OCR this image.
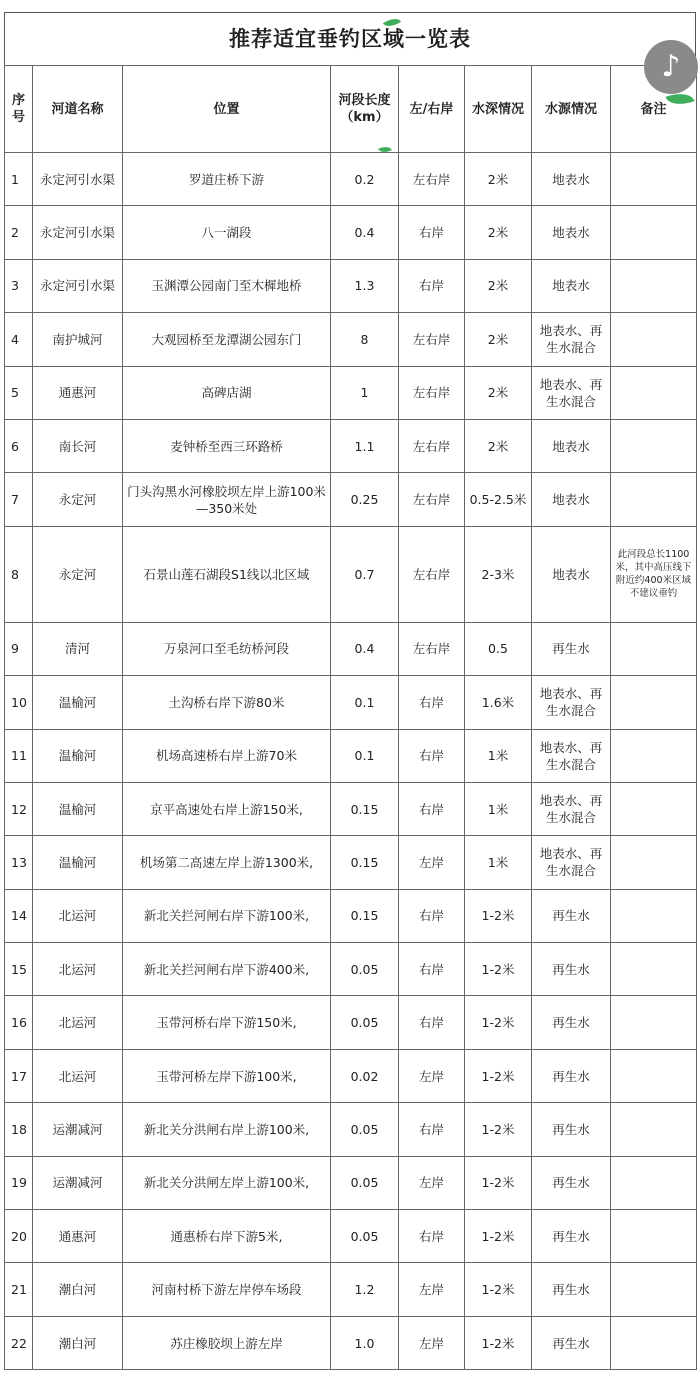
推荐适宜垂钓区域一览表
序号	河道名称	位置	河段长度（km）	左/右岸	水深情况	水源情况	备注
1	永定河引水渠	罗道庄桥下游	0.2	左右岸	2米	地表水	
2	永定河引水渠	八一湖段	0.4	右岸	2米	地表水	
3	永定河引水渠	玉渊潭公园南门至木樨地桥	1.3	右岸	2米	地表水	
4	南护城河	大观园桥至龙潭湖公园东门	8	左右岸	2米	地表水、再生水混合	
5	通惠河	高碑店湖	1	左右岸	2米	地表水、再生水混合	
6	南长河	麦钟桥至西三环路桥	1.1	左右岸	2米	地表水	
7	永定河	门头沟黑水河橡胶坝左岸上游100米—350米处	0.25	左右岸	0.5-2.5米	地表水	
8	永定河	石景山莲石湖段S1线以北区域	0.7	左右岸	2-3米	地表水	此河段总长1100米，其中高压线下附近约400米区域不建议垂钓
9	清河	万泉河口至毛纺桥河段	0.4	左右岸	0.5	再生水	
10	温榆河	土沟桥右岸下游80米	0.1	右岸	1.6米	地表水、再生水混合	
11	温榆河	机场高速桥右岸上游70米	0.1	右岸	1米	地表水、再生水混合	
12	温榆河	京平高速处右岸上游150米,	0.15	右岸	1米	地表水、再生水混合	
13	温榆河	机场第二高速左岸上游1300米,	0.15	左岸	1米	地表水、再生水混合	
14	北运河	新北关拦河闸右岸下游100米,	0.15	右岸	1-2米	再生水	
15	北运河	新北关拦河闸右岸下游400米,	0.05	右岸	1-2米	再生水	
16	北运河	玉带河桥右岸下游150米,	0.05	右岸	1-2米	再生水	
17	北运河	玉带河桥左岸下游100米,	0.02	左岸	1-2米	再生水	
18	运潮减河	新北关分洪闸右岸上游100米,	0.05	右岸	1-2米	再生水	
19	运潮减河	新北关分洪闸左岸上游100米,	0.05	左岸	1-2米	再生水	
20	通惠河	通惠桥右岸下游5米,	0.05	右岸	1-2米	再生水	
21	潮白河	河南村桥下游左岸停车场段	1.2	左岸	1-2米	再生水	
22	潮白河	苏庄橡胶坝上游左岸	1.0	左岸	1-2米	再生水	
♪
